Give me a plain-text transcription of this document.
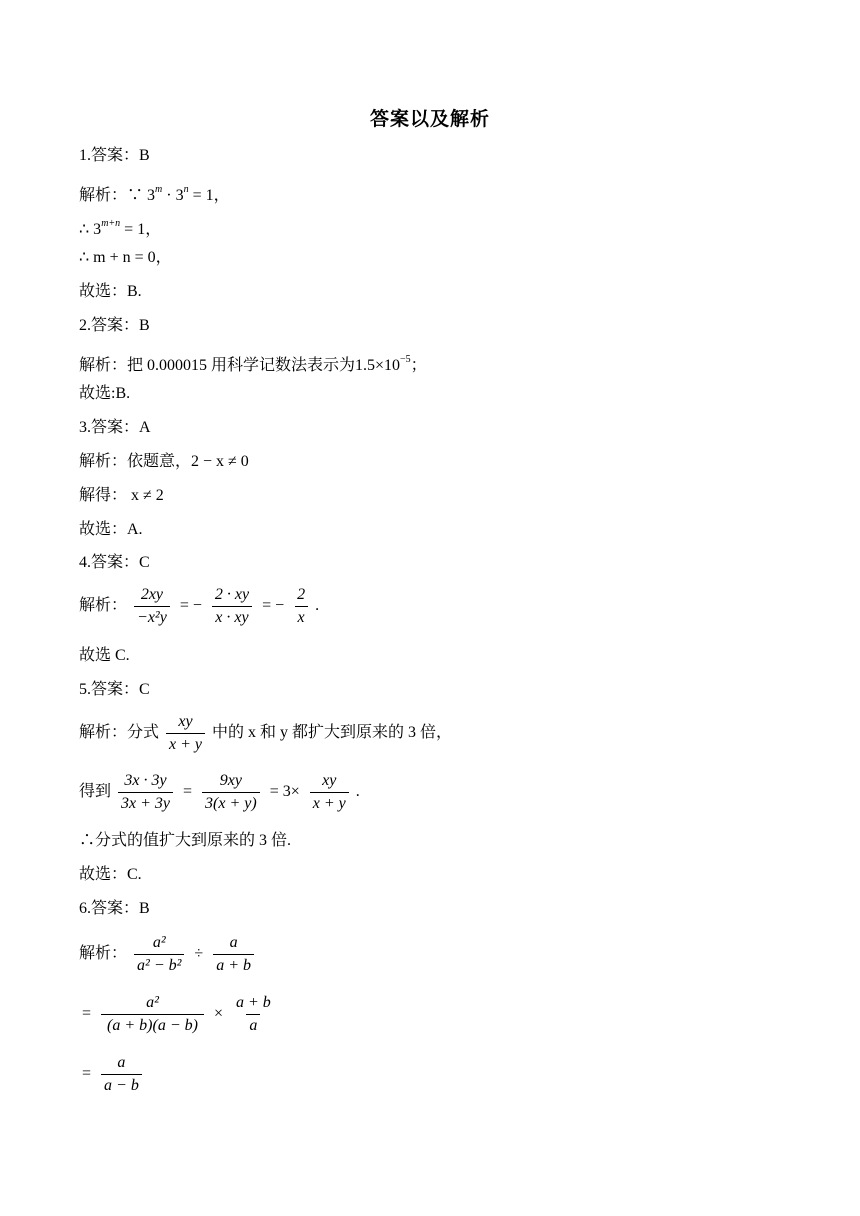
答案以及解析
1.答案：B
解析：∵ $3^m \cdot 3^n = 1$，
∴ $3^{m+n} = 1$，
∴ m + n = 0，
故选：B.
2.答案：B
解析：把 0.000015 用科学记数法表示为$1.5\times 10^{-5}$；
故选:B.
3.答案：A
解析：依题意，2 − x ≠ 0
解得： x ≠ 2
故选：A.
4.答案：C
解析： $\frac{2xy}{\text{−x²y}}$ = − $\frac{2 \cdot xy}{x \cdot xy}$ = − $\frac{2}{x}$ .
故选 C.
5.答案：C
解析：分式 $\frac{xy}{x + y}$ 中的 x 和 y 都扩大到原来的 3 倍，
得到 $\frac{3x \cdot 3y}{3x + 3y} = \frac{9xy}{3(x + y)} = 3\times \frac{xy}{x + y}$ .
∴分式的值扩大到原来的 3 倍.
故选：C.
6.答案：B
解析： $\frac{\text{a²}}{\text{a² − b²}} \div \frac{a}{a + b}$
= $\frac{\text{a²}}{(a + b)(a - b)} \times \frac{a + b}{a}$
= $\frac{a}{a - b}$
